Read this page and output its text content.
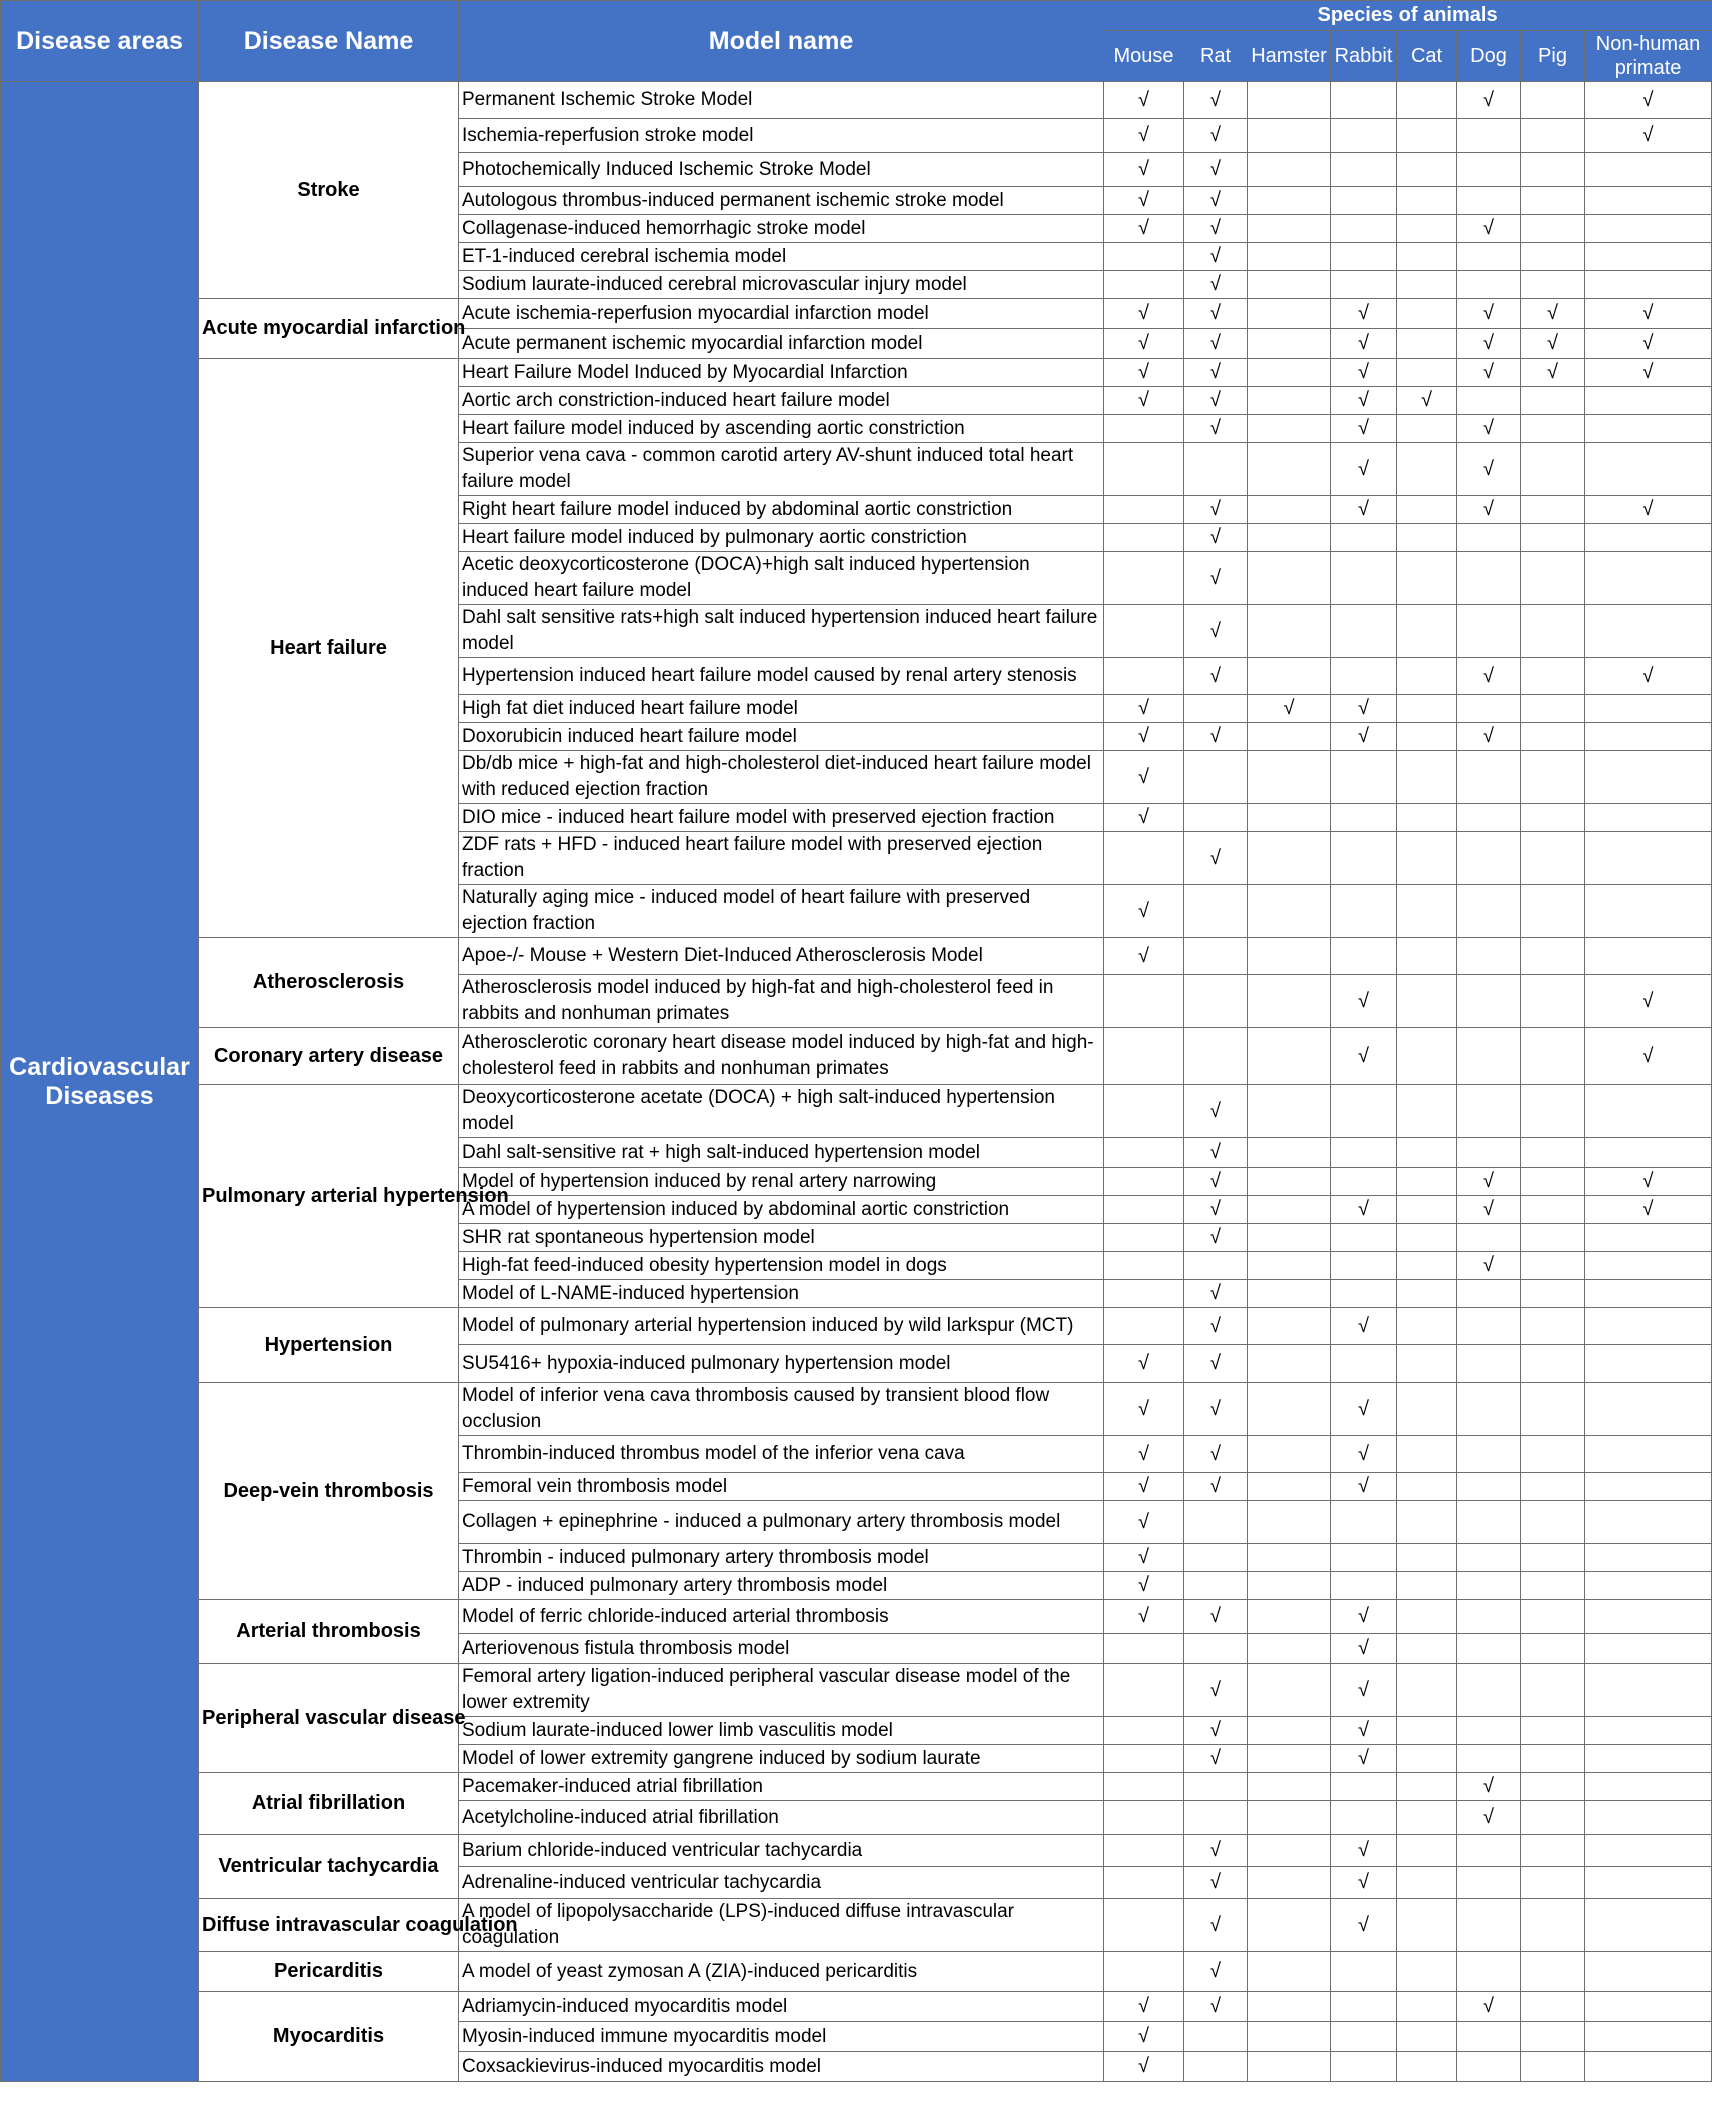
Disease areas	Disease Name	Model name	Species of animals							
			Mouse	Rat	Hamster	Rabbit	Cat	Dog	Pig	Non-human primate
Cardiovascular Diseases	Stroke	Permanent Ischemic Stroke Model	√	√				√		√
		Ischemia-reperfusion stroke model	√	√						√
		Photochemically Induced Ischemic Stroke Model	√	√						
		Autologous thrombus-induced permanent ischemic stroke model	√	√						
		Collagenase-induced hemorrhagic stroke model	√	√				√		
		ET-1-induced cerebral ischemia model		√						
		Sodium laurate-induced cerebral microvascular injury model		√						
	Acute myocardial infarction	Acute ischemia-reperfusion myocardial infarction model	√	√		√		√	√	√
		Acute permanent ischemic myocardial infarction model	√	√		√		√	√	√
	Heart failure	Heart Failure Model Induced by Myocardial Infarction	√	√		√		√	√	√
		Aortic arch constriction-induced heart failure model	√	√		√	√			
		Heart failure model induced by ascending aortic constriction		√		√		√		
		Superior vena cava - common carotid artery AV-shunt induced total heart failure model				√		√		
		Right heart failure model induced by abdominal aortic constriction		√		√		√		√
		Heart failure model induced by pulmonary aortic constriction		√						
		Acetic deoxycorticosterone (DOCA)+high salt induced hypertension induced heart failure model		√						
		Dahl salt sensitive rats+high salt induced hypertension induced heart failure model		√						
		Hypertension induced heart failure model caused by renal artery stenosis		√				√		√
		High fat diet induced heart failure model	√		√	√				
		Doxorubicin induced heart failure model	√	√		√		√		
		Db/db mice + high-fat and high-cholesterol diet-induced heart failure model with reduced ejection fraction	√							
		DIO mice - induced heart failure model with preserved ejection fraction	√							
		ZDF rats + HFD - induced heart failure model with preserved ejection fraction		√						
		Naturally aging mice - induced model of heart failure with preserved ejection fraction	√							
	Atherosclerosis	Apoe-/- Mouse + Western Diet-Induced Atherosclerosis Model	√							
		Atherosclerosis model induced by high-fat and high-cholesterol feed in rabbits and nonhuman primates				√				√
	Coronary artery disease	Atherosclerotic coronary heart disease model induced by high-fat and high-cholesterol feed in rabbits and nonhuman primates				√				√
	Pulmonary arterial hypertension	Deoxycorticosterone acetate (DOCA) + high salt-induced hypertension model		√						
		Dahl salt-sensitive rat + high salt-induced hypertension model		√						
		Model of hypertension induced by renal artery narrowing		√				√		√
		A model of hypertension induced by abdominal aortic constriction		√		√		√		√
		SHR rat spontaneous hypertension model		√						
		High-fat feed-induced obesity hypertension model in dogs						√		
		Model of L-NAME-induced hypertension		√						
	Hypertension	Model of pulmonary arterial hypertension induced by wild larkspur (MCT)		√		√				
		SU5416+ hypoxia-induced pulmonary hypertension model	√	√						
	Deep-vein thrombosis	Model of inferior vena cava thrombosis caused by transient blood flow occlusion	√	√		√				
		Thrombin-induced thrombus model of the inferior vena cava	√	√		√				
		Femoral vein thrombosis model	√	√		√				
		Collagen + epinephrine - induced a pulmonary artery thrombosis model	√							
		Thrombin - induced pulmonary artery thrombosis model	√							
		ADP - induced pulmonary artery thrombosis model	√							
	Arterial thrombosis	Model of ferric chloride-induced arterial thrombosis	√	√		√				
		Arteriovenous fistula thrombosis model				√				
	Peripheral vascular disease	Femoral artery ligation-induced peripheral vascular disease model of the lower extremity		√		√				
		Sodium laurate-induced lower limb vasculitis model		√		√				
		Model of lower extremity gangrene induced by sodium laurate		√		√				
	Atrial fibrillation	Pacemaker-induced atrial fibrillation						√		
		Acetylcholine-induced atrial fibrillation						√		
	Ventricular tachycardia	Barium chloride-induced ventricular tachycardia		√		√				
		Adrenaline-induced ventricular tachycardia		√		√				
	Diffuse intravascular coagulation	A model of lipopolysaccharide (LPS)-induced diffuse intravascular coagulation		√		√				
	Pericarditis	A model of yeast zymosan A (ZIA)-induced pericarditis		√						
	Myocarditis	Adriamycin-induced myocarditis model	√	√				√		
		Myosin-induced immune myocarditis model	√							
		Coxsackievirus-induced myocarditis model	√							
